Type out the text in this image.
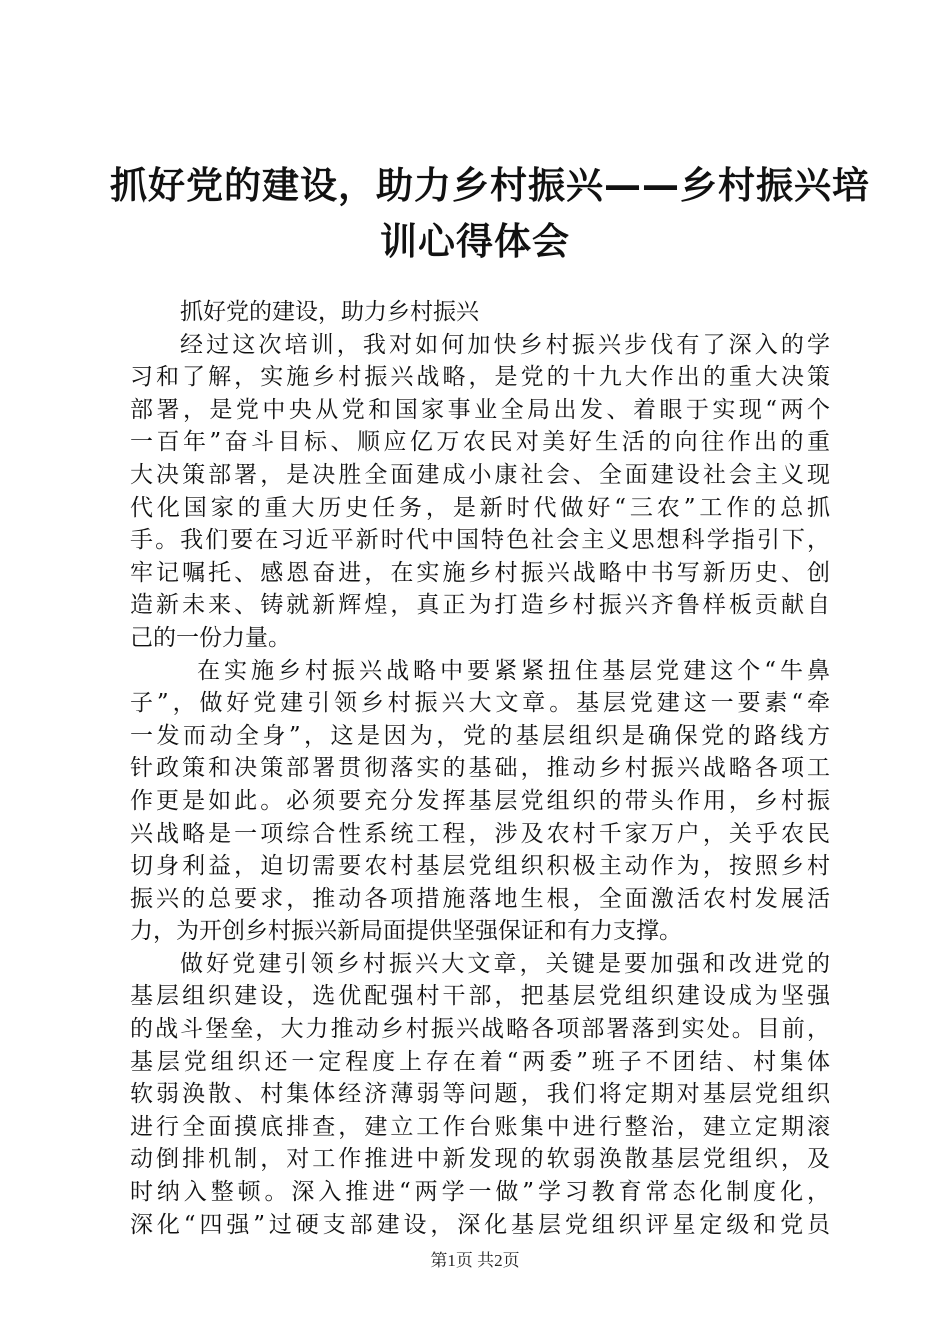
抓好党的建设，助力乡村振兴——乡村振兴培
训心得体会
抓好党的建设，助力乡村振兴
经过这次培训，我对如何加快乡村振兴步伐有了深入的学
习和了解，实施乡村振兴战略，是党的十九大作出的重大决策
部署，是党中央从党和国家事业全局出发、着眼于实现“两个
一百年”奋斗目标、顺应亿万农民对美好生活的向往作出的重
大决策部署，是决胜全面建成小康社会、全面建设社会主义现
代化国家的重大历史任务，是新时代做好“三农”工作的总抓
手。我们要在习近平新时代中国特色社会主义思想科学指引下，
牢记嘱托、感恩奋进，在实施乡村振兴战略中书写新历史、创
造新未来、铸就新辉煌，真正为打造乡村振兴齐鲁样板贡献自
己的一份力量。
在实施乡村振兴战略中要紧紧扭住基层党建这个“牛鼻
子”，做好党建引领乡村振兴大文章。基层党建这一要素“牵
一发而动全身”，这是因为，党的基层组织是确保党的路线方
针政策和决策部署贯彻落实的基础，推动乡村振兴战略各项工
作更是如此。必须要充分发挥基层党组织的带头作用，乡村振
兴战略是一项综合性系统工程，涉及农村千家万户，关乎农民
切身利益，迫切需要农村基层党组织积极主动作为，按照乡村
振兴的总要求，推动各项措施落地生根，全面激活农村发展活
力，为开创乡村振兴新局面提供坚强保证和有力支撑。
做好党建引领乡村振兴大文章，关键是要加强和改进党的
基层组织建设，选优配强村干部，把基层党组织建设成为坚强
的战斗堡垒，大力推动乡村振兴战略各项部署落到实处。目前，
基层党组织还一定程度上存在着“两委”班子不团结、村集体
软弱涣散、村集体经济薄弱等问题，我们将定期对基层党组织
进行全面摸底排查，建立工作台账集中进行整治，建立定期滚
动倒排机制，对工作推进中新发现的软弱涣散基层党组织，及
时纳入整顿。深入推进“两学一做”学习教育常态化制度化，
深化“四强”过硬支部建设，深化基层党组织评星定级和党员
第1页 共2页
